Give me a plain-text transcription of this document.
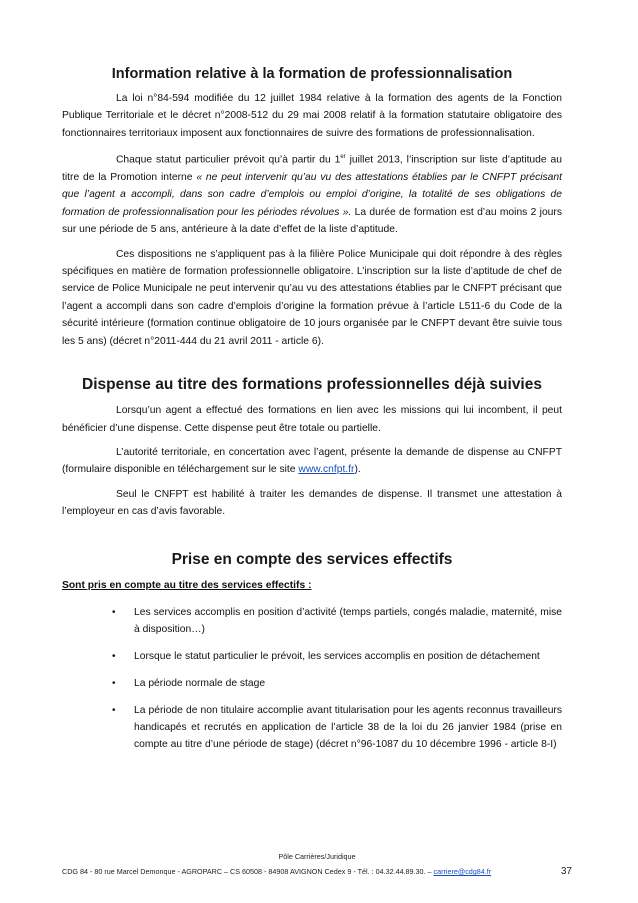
Information relative à la formation de professionnalisation

La loi n°84-594 modifiée du 12 juillet 1984 relative à la formation des agents de la Fonction Publique Territoriale et le décret n°2008-512 du 29 mai 2008 relatif à la formation statutaire obligatoire des fonctionnaires territoriaux imposent aux fonctionnaires de suivre des formations de professionnalisation.

Chaque statut particulier prévoit qu’à partir du 1er juillet 2013, l’inscription sur liste d’aptitude au titre de la Promotion interne « ne peut intervenir qu’au vu des attestations établies par le CNFPT précisant que l’agent a accompli, dans son cadre d’emplois ou emploi d’origine, la totalité de ses obligations de formation de professionnalisation pour les périodes révolues ». La durée de formation est d’au moins 2 jours sur une période de 5 ans, antérieure à la date d’effet de la liste d’aptitude.

Ces dispositions ne s’appliquent pas à la filière Police Municipale qui doit répondre à des règles spécifiques en matière de formation professionnelle obligatoire. L’inscription sur la liste d’aptitude de chef de service de Police Municipale ne peut intervenir qu’au vu des attestations établies par le CNFPT précisant que l’agent a accompli dans son cadre d’emplois d’origine la formation prévue à l’article L511-6 du Code de la sécurité intérieure (formation continue obligatoire de 10 jours organisée par le CNFPT devant être suivie tous les 5 ans) (décret n°2011-444 du 21 avril 2011 - article 6).

Dispense au titre des formations professionnelles déjà suivies

Lorsqu’un agent a effectué des formations en lien avec les missions qui lui incombent, il peut bénéficier d’une dispense. Cette dispense peut être totale ou partielle.

L’autorité territoriale, en concertation avec l’agent, présente la demande de dispense au CNFPT (formulaire disponible en téléchargement sur le site www.cnfpt.fr).

Seul le CNFPT est habilité à traiter les demandes de dispense. Il transmet une attestation à l’employeur en cas d’avis favorable.

Prise en compte des services effectifs
Sont pris en compte au titre des services effectifs :
• Les services accomplis en position d’activité (temps partiels, congés maladie, maternité, mise à disposition…)
• Lorsque le statut particulier le prévoit, les services accomplis en position de détachement
• La période normale de stage
• La période de non titulaire accomplie avant titularisation pour les agents reconnus travailleurs handicapés et recrutés en application de l’article 38 de la loi du 26 janvier 1984 (prise en compte au titre d’une période de stage) (décret n°96-1087 du 10 décembre 1996 - article 8-I)
Pôle Carrières/Juridique
CDG 84 - 80 rue Marcel Demonque - AGROPARC – CS 60508 - 84908 AVIGNON Cedex 9 - Tél. : 04.32.44.89.30. – carriere@cdg84.fr	37
